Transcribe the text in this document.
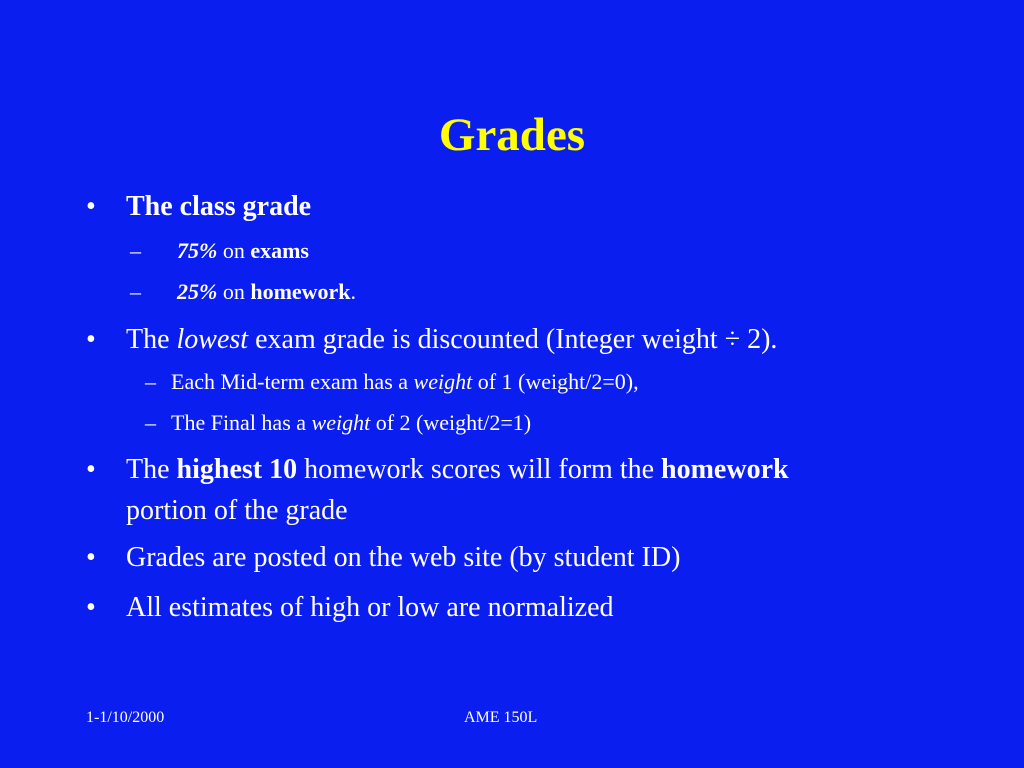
Grades
• The class grade
– 75% on exams
– 25% on homework.
• The lowest exam grade is discounted (Integer weight ÷ 2).
– Each Mid-term exam has a weight of 1 (weight/2=0),
– The Final has a weight of 2 (weight/2=1)
• The highest 10 homework scores will form the homework
portion of the grade
• Grades are posted on the web site (by student ID)
• All estimates of high or low are normalized
1-1/10/2000	AME 150L
